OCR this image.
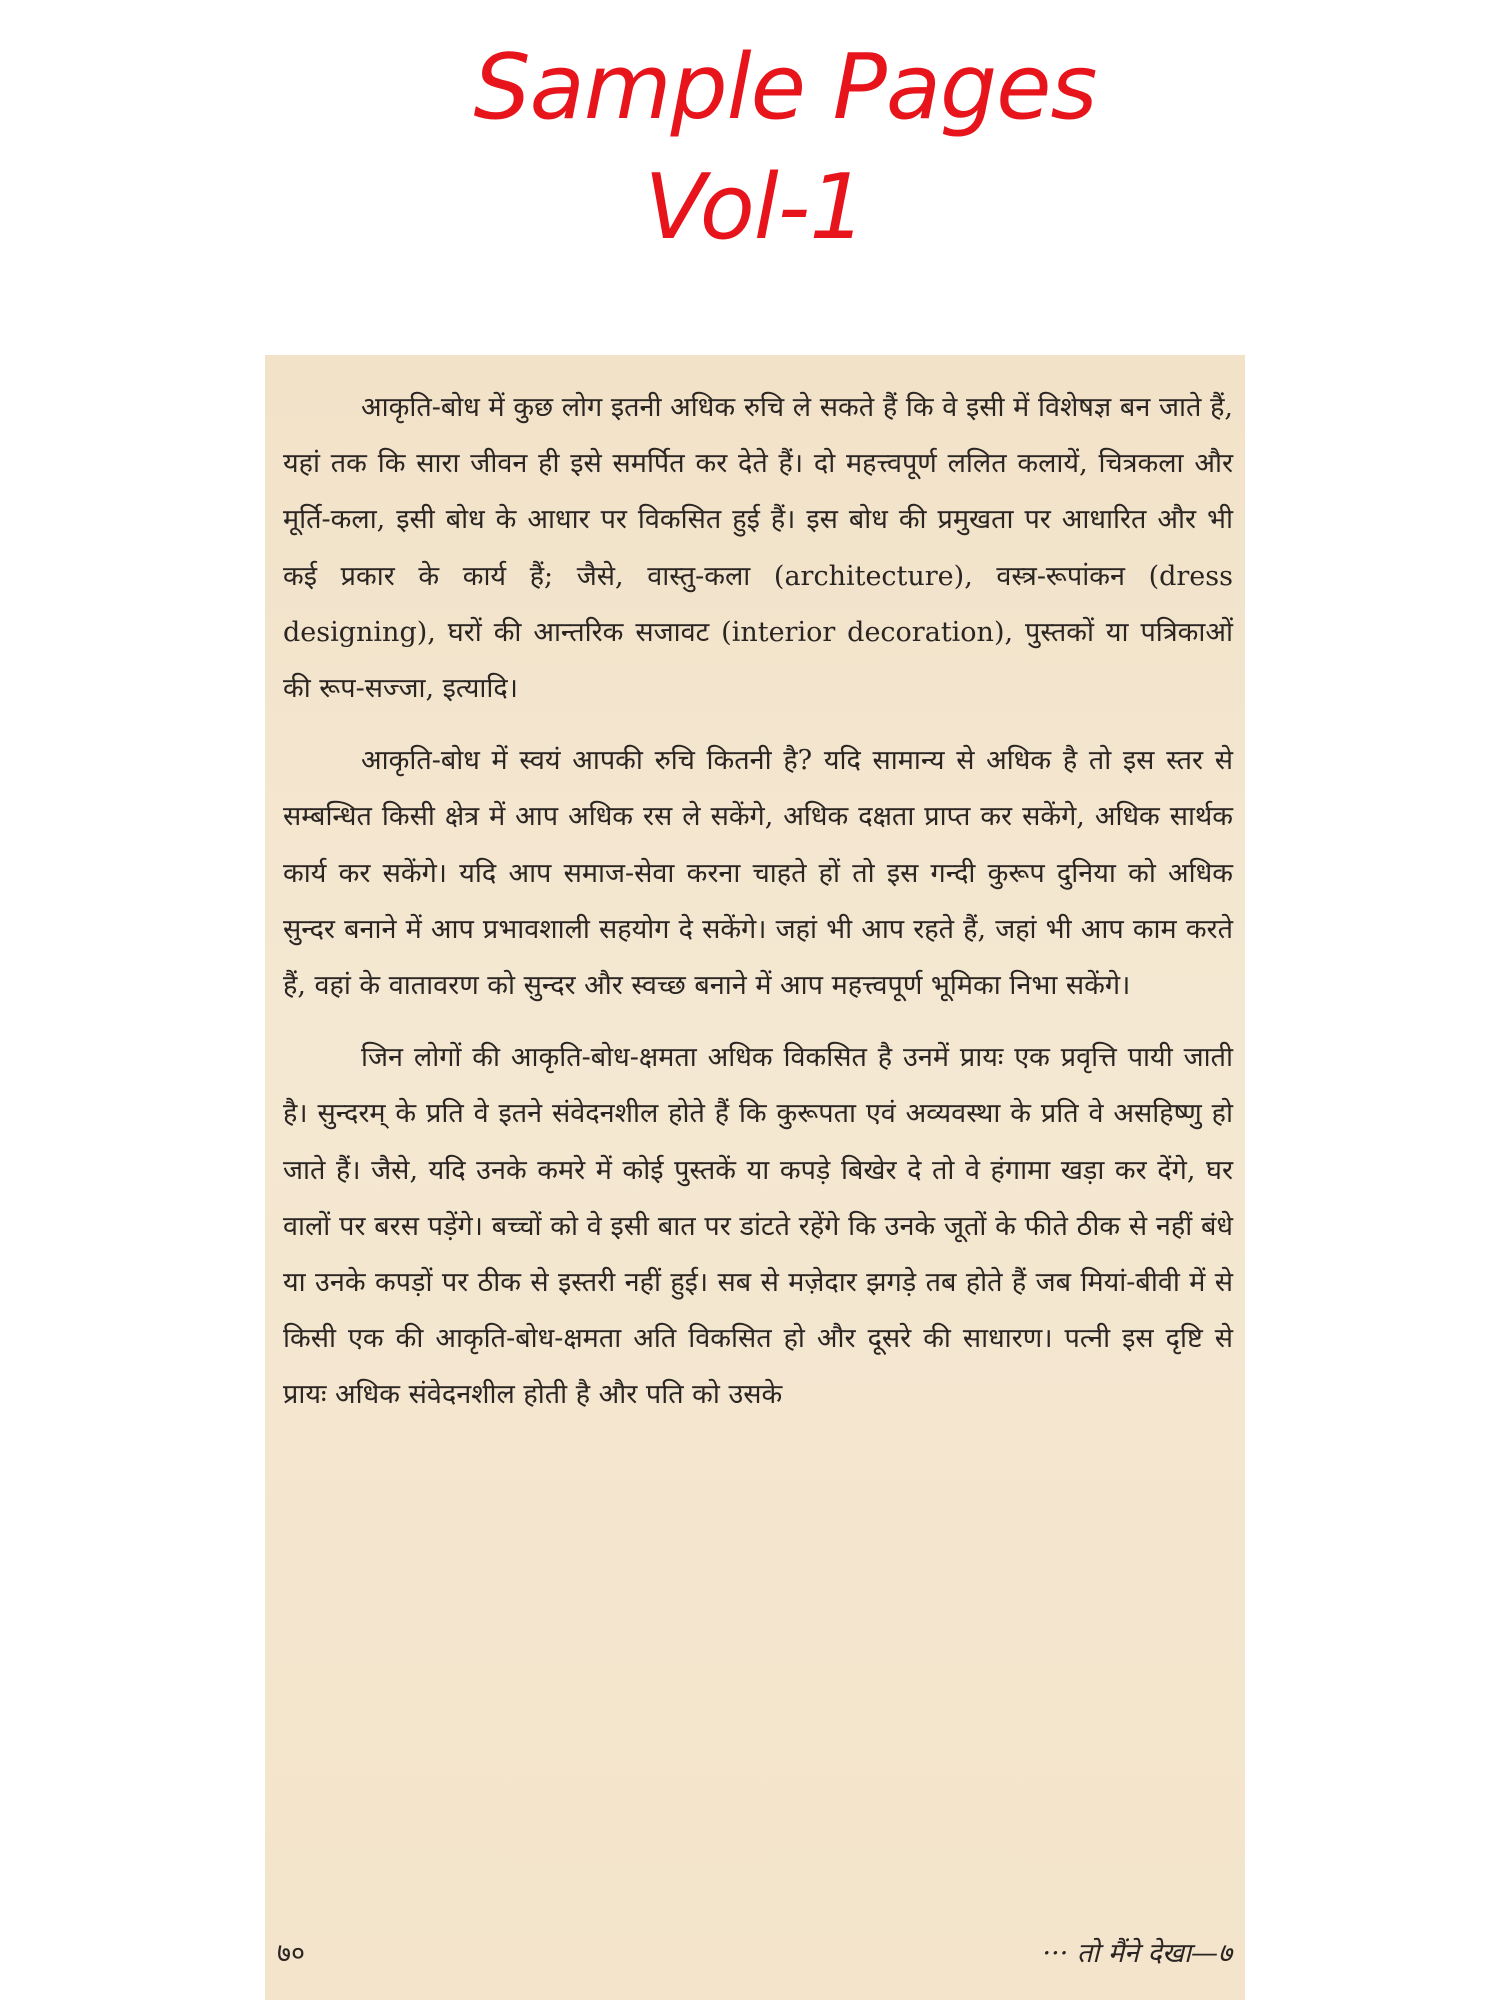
Sample Pages
Vol-1

आकृति-बोध में कुछ लोग इतनी अधिक रुचि ले सकते हैं कि वे इसी में विशेषज्ञ बन जाते हैं, यहां तक कि सारा जीवन ही इसे समर्पित कर देते हैं। दो महत्त्वपूर्ण ललित कलायें, चित्रकला और मूर्ति-कला, इसी बोध के आधार पर विकसित हुई हैं। इस बोध की प्रमुखता पर आधारित और भी कई प्रकार के कार्य हैं; जैसे, वास्तु-कला (architecture), वस्त्र-रूपांकन (dress designing), घरों की आन्तरिक सजावट (interior decoration), पुस्तकों या पत्रिकाओं की रूप-सज्जा, इत्यादि।

आकृति-बोध में स्वयं आपकी रुचि कितनी है? यदि सामान्य से अधिक है तो इस स्तर से सम्बन्धित किसी क्षेत्र में आप अधिक रस ले सकेंगे, अधिक दक्षता प्राप्त कर सकेंगे, अधिक सार्थक कार्य कर सकेंगे। यदि आप समाज-सेवा करना चाहते हों तो इस गन्दी कुरूप दुनिया को अधिक सुन्दर बनाने में आप प्रभावशाली सहयोग दे सकेंगे। जहां भी आप रहते हैं, जहां भी आप काम करते हैं, वहां के वातावरण को सुन्दर और स्वच्छ बनाने में आप महत्त्वपूर्ण भूमिका निभा सकेंगे।

जिन लोगों की आकृति-बोध-क्षमता अधिक विकसित है उनमें प्रायः एक प्रवृत्ति पायी जाती है। सुन्दरम् के प्रति वे इतने संवेदनशील होते हैं कि कुरूपता एवं अव्यवस्था के प्रति वे असहिष्णु हो जाते हैं। जैसे, यदि उनके कमरे में कोई पुस्तकें या कपड़े बिखेर दे तो वे हंगामा खड़ा कर देंगे, घर वालों पर बरस पड़ेंगे। बच्चों को वे इसी बात पर डांटते रहेंगे कि उनके जूतों के फीते ठीक से नहीं बंधे या उनके कपड़ों पर ठीक से इस्तरी नहीं हुई। सब से मज़ेदार झगड़े तब होते हैं जब मियां-बीवी में से किसी एक की आकृति-बोध-क्षमता अति विकसित हो और दूसरे की साधारण। पत्नी इस दृष्टि से प्रायः अधिक संवेदनशील होती है और पति को उसके

७०	··· तो मैंने देखा—७
